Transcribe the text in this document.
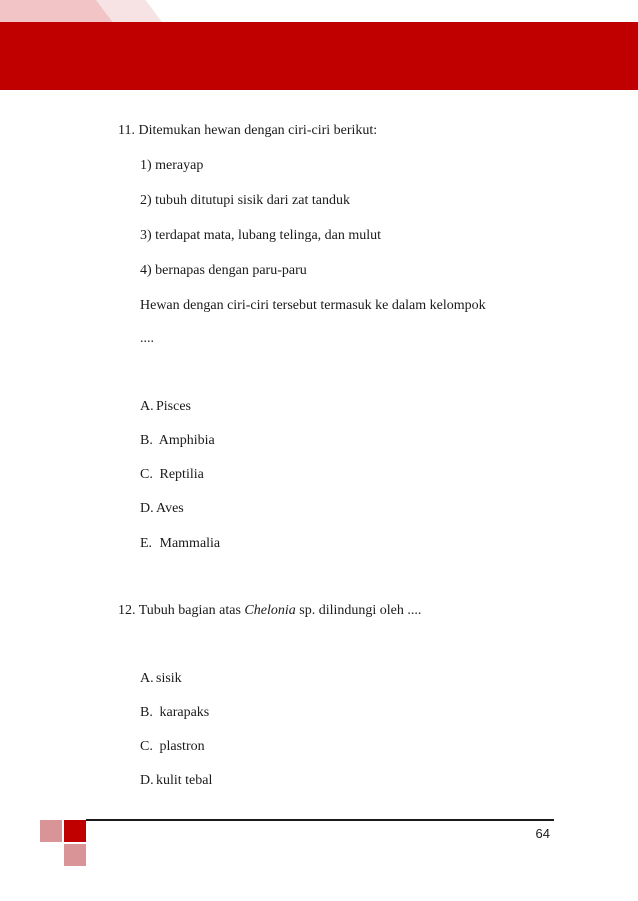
11. Ditemukan hewan dengan ciri-ciri berikut:
1) merayap
2) tubuh ditutupi sisik dari zat tanduk
3) terdapat mata, lubang telinga, dan mulut
4) bernapas dengan paru-paru
Hewan dengan ciri-ciri tersebut termasuk ke dalam kelompok
....
A. Pisces
B. Amphibia
C. Reptilia
D. Aves
E. Mammalia
12. Tubuh bagian atas Chelonia sp. dilindungi oleh ....
A. sisik
B. karapaks
C. plastron
D. kulit tebal
64
